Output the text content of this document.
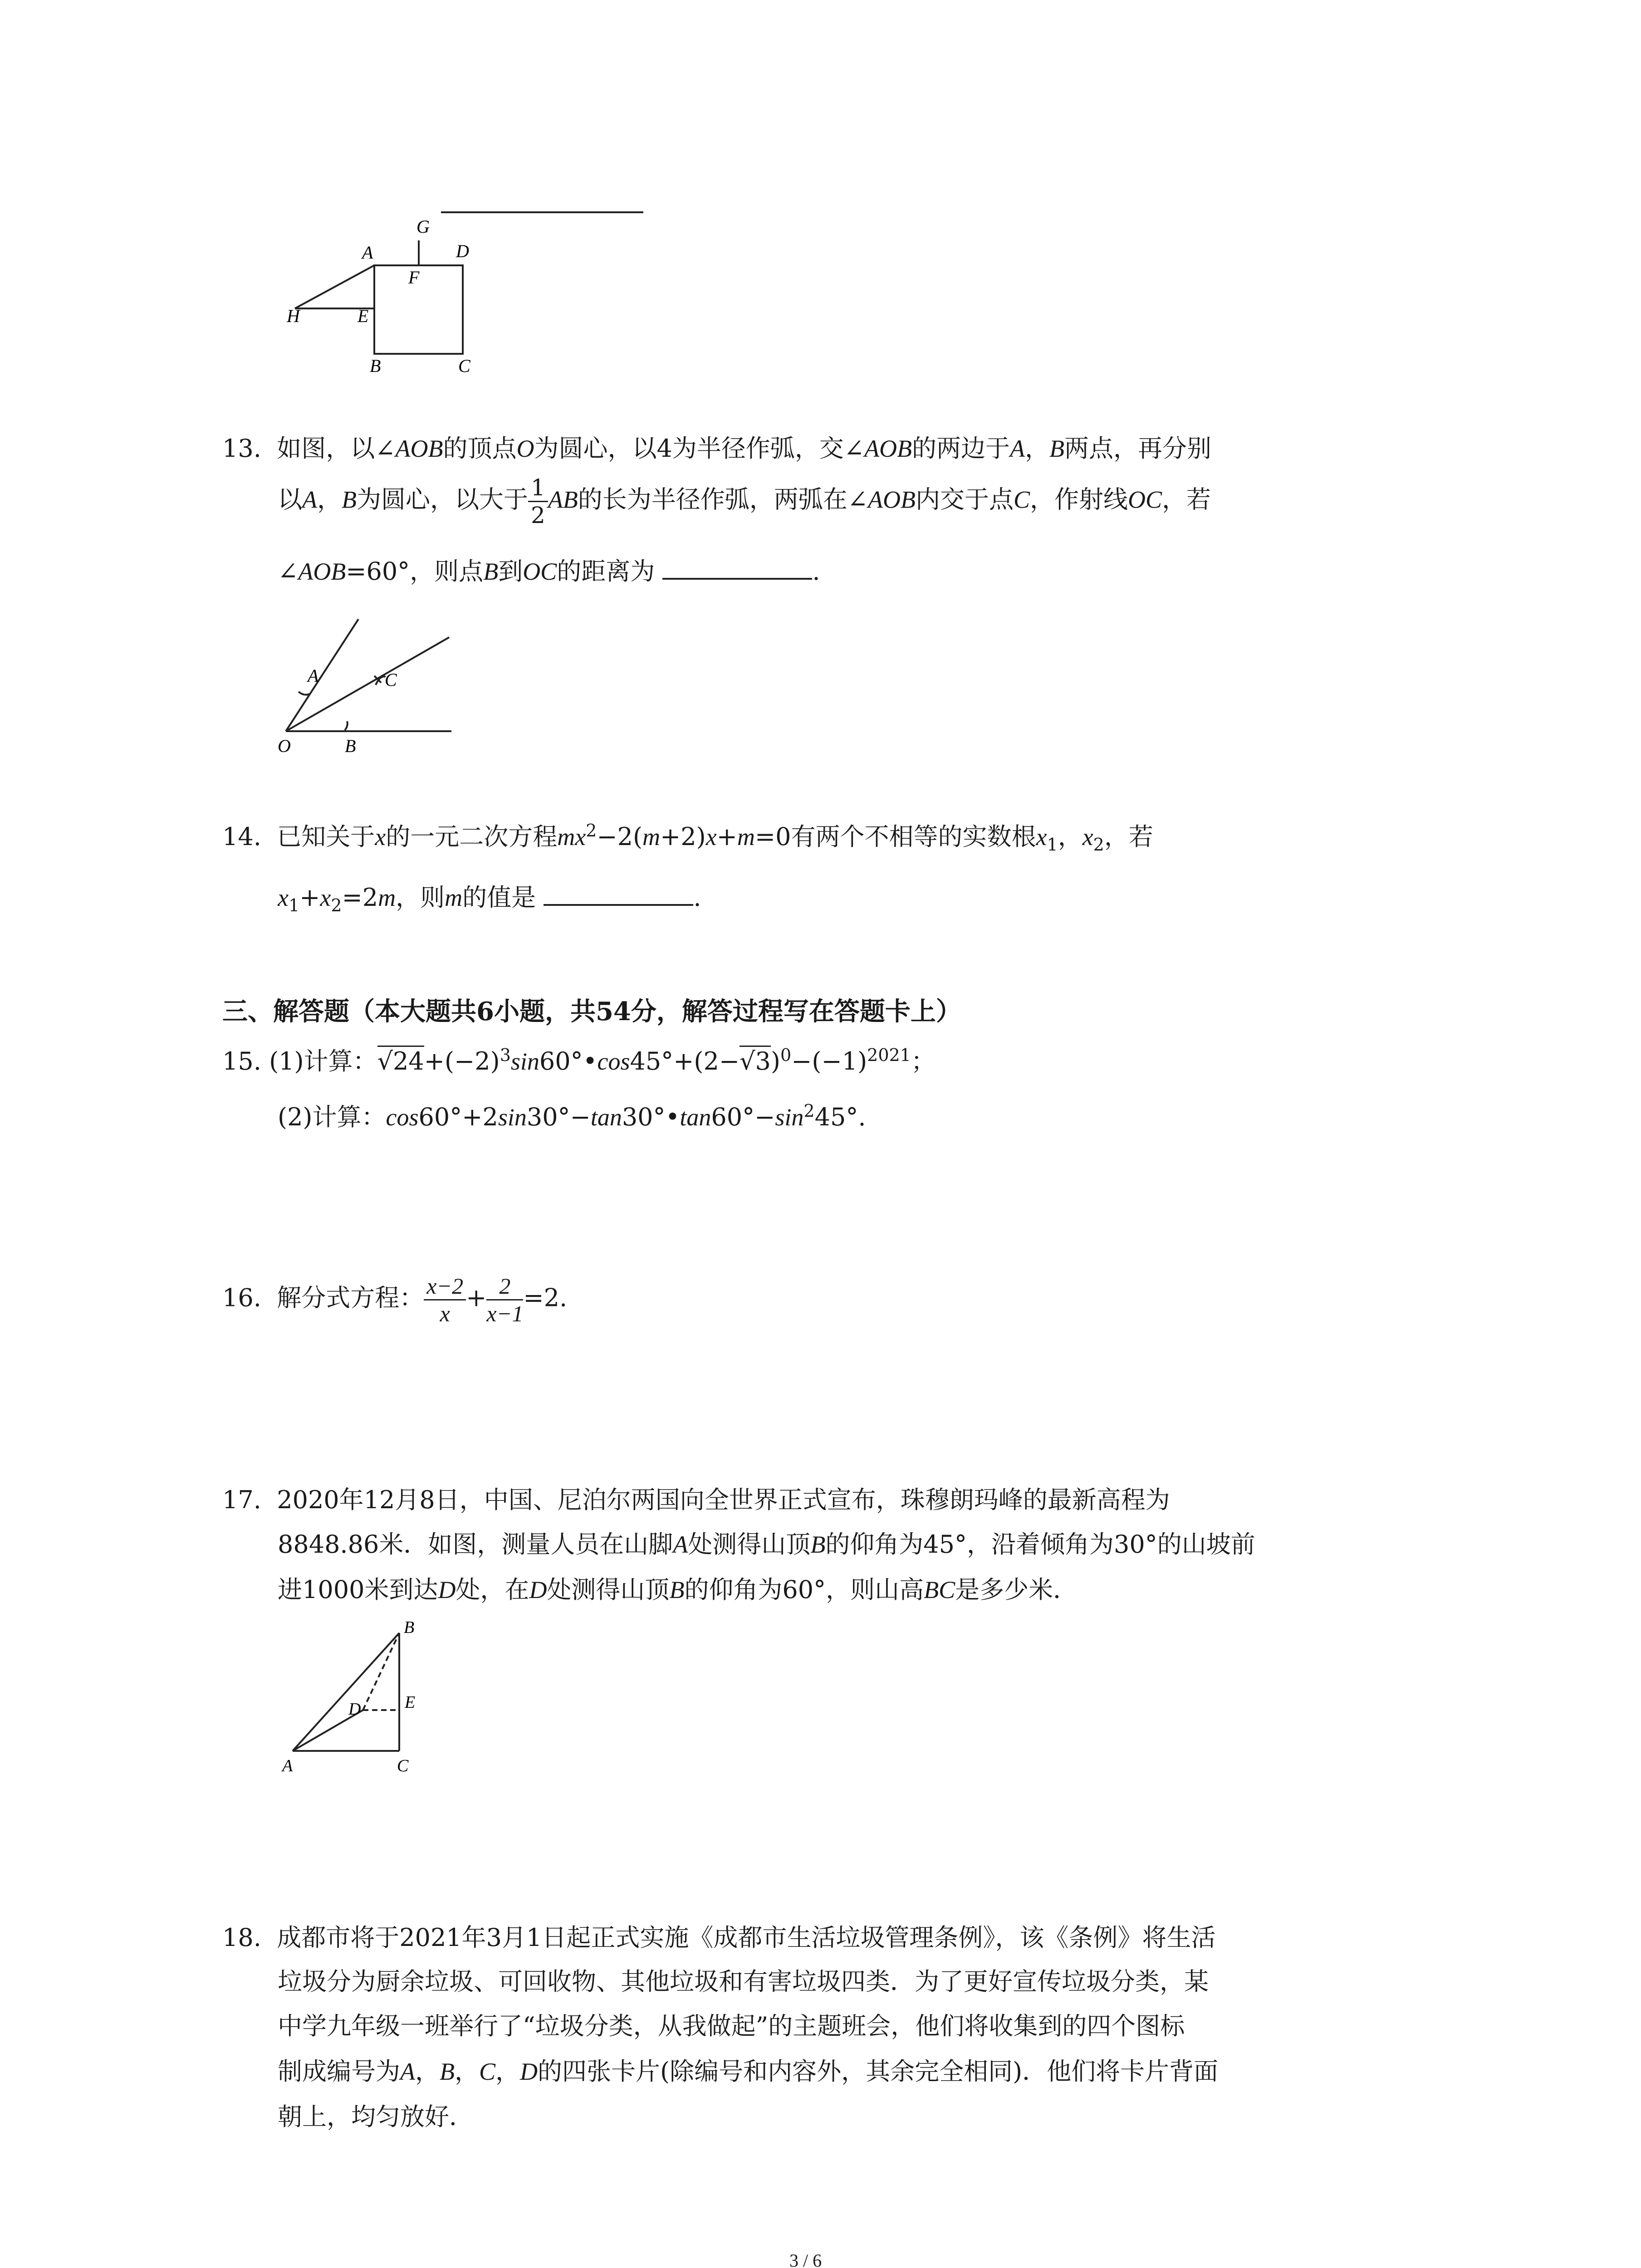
G
D
A
F
H	E
B	C
13. 如图，以∠AOB的顶点O为圆心，以4为半径作弧，交∠AOB的两边于A，B两点，再分别
以A，B为圆心，以大于 $\frac{1}{2}$ AB的长为半径作弧，两弧在∠AOB内交于点C，作射线OC，若
∠AOB=60°，则点B到OC的距离为	.
A	C
O	B
14. 已知关于x的一元二次方程$mx^2-2(m+2)x+m=0$有两个不相等的实数根$x_1$，$x_2$，若
$x_1+x_2=2m$，则m的值是	.
三、解答题（本大题共6小题，共54分，解答过程写在答题卡上）
15. (1)计算：$√24+(-2)^3\sin 60^\circ•\cos 45^\circ+(2-√3)^0-(-1)^{2021}$；
(2)计算：$\cos 60^\circ+2\sin 30^\circ-\tan 30^\circ•\tan 60^\circ-\sin^245^\circ$.
16. 解分式方程： $\frac{x-2}{x} + \frac{2}{x-1} =2$.
17. 2020年12月8日，中国、尼泊尔两国向全世界正式宣布，珠穆朗玛峰的最新高程为
8848.86米．如图，测量人员在山脚A处测得山顶B的仰角为45°，沿着倾角为30°的山坡前
进1000米到达D处，在D处测得山顶B的仰角为60°，则山高BC是多少米．
B
D	E
A	C
18. 成都市将于2021年3月1日起正式实施《成都市生活垃圾管理条例》，该《条例》将生活
垃圾分为厨余垃圾、可回收物、其他垃圾和有害垃圾四类．为了更好宣传垃圾分类，某
中学九年级一班举行了“垃圾分类，从我做起”的主题班会，他们将收集到的四个图标
制成编号为A，B，C，D的四张卡片(除编号和内容外，其余完全相同)．他们将卡片背面
朝上，均匀放好．
3 / 6
